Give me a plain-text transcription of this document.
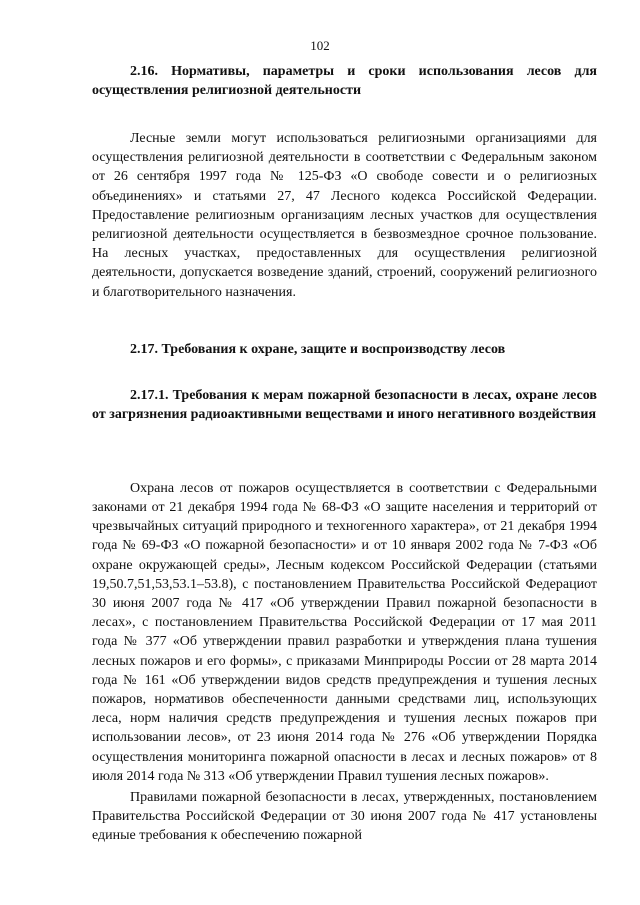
102

2.16. Нормативы, параметры и сроки использования лесов для осуществления религиозной деятельности

Лесные земли могут использоваться религиозными организациями для осуществления религиозной деятельности в соответствии с Федеральным законом от 26 сентября 1997 года № 125-ФЗ «О свободе совести и о религиозных объединениях» и статьями 27, 47 Лесного кодекса Российской Федерации. Предоставление религиозным организациям лесных участков для осуществления религиозной деятельности осуществляется в безвозмездное срочное пользование. На лесных участках, предоставленных для осуществления религиозной деятельности, допускается возведение зданий, строений, сооружений религиозного и благотворительного назначения.

2.17. Требования к охране, защите и воспроизводству лесов

2.17.1. Требования к мерам пожарной безопасности в лесах, охране лесов от загрязнения радиоактивными веществами и иного негативного воздействия

Охрана лесов от пожаров осуществляется в соответствии с Федеральными законами от 21 декабря 1994 года № 68-ФЗ «О защите населения и территорий от чрезвычайных ситуаций природного и техногенного характера», от 21 декабря 1994 года № 69-ФЗ «О пожарной безопасности» и от 10 января 2002 года № 7-ФЗ «Об охране окружающей среды», Лесным кодексом Российской Федерации (статьями 19,50.7,51,53,53.1–53.8), с постановлением Правительства Российской Федерациот 30 июня 2007 года № 417 «Об утверждении Правил пожарной безопасности в лесах», с постановлением Правительства Российской Федерации от 17 мая 2011 года № 377 «Об утверждении правил разработки и утверждения плана тушения лесных пожаров и его формы», с приказами Минприроды России от 28 марта 2014 года № 161 «Об утверждении видов средств предупреждения и тушения лесных пожаров, нормативов обеспеченности данными средствами лиц, использующих леса, норм наличия средств предупреждения и тушения лесных пожаров при использовании лесов», от 23 июня 2014 года № 276 «Об утверждении Порядка осуществления мониторинга пожарной опасности в лесах и лесных пожаров» от 8 июля 2014 года № 313 «Об утверждении Правил тушения лесных пожаров».

Правилами пожарной безопасности в лесах, утвержденных, постановлением Правительства Российской Федерации от 30 июня 2007 года № 417 установлены единые требования к обеспечению пожарной
